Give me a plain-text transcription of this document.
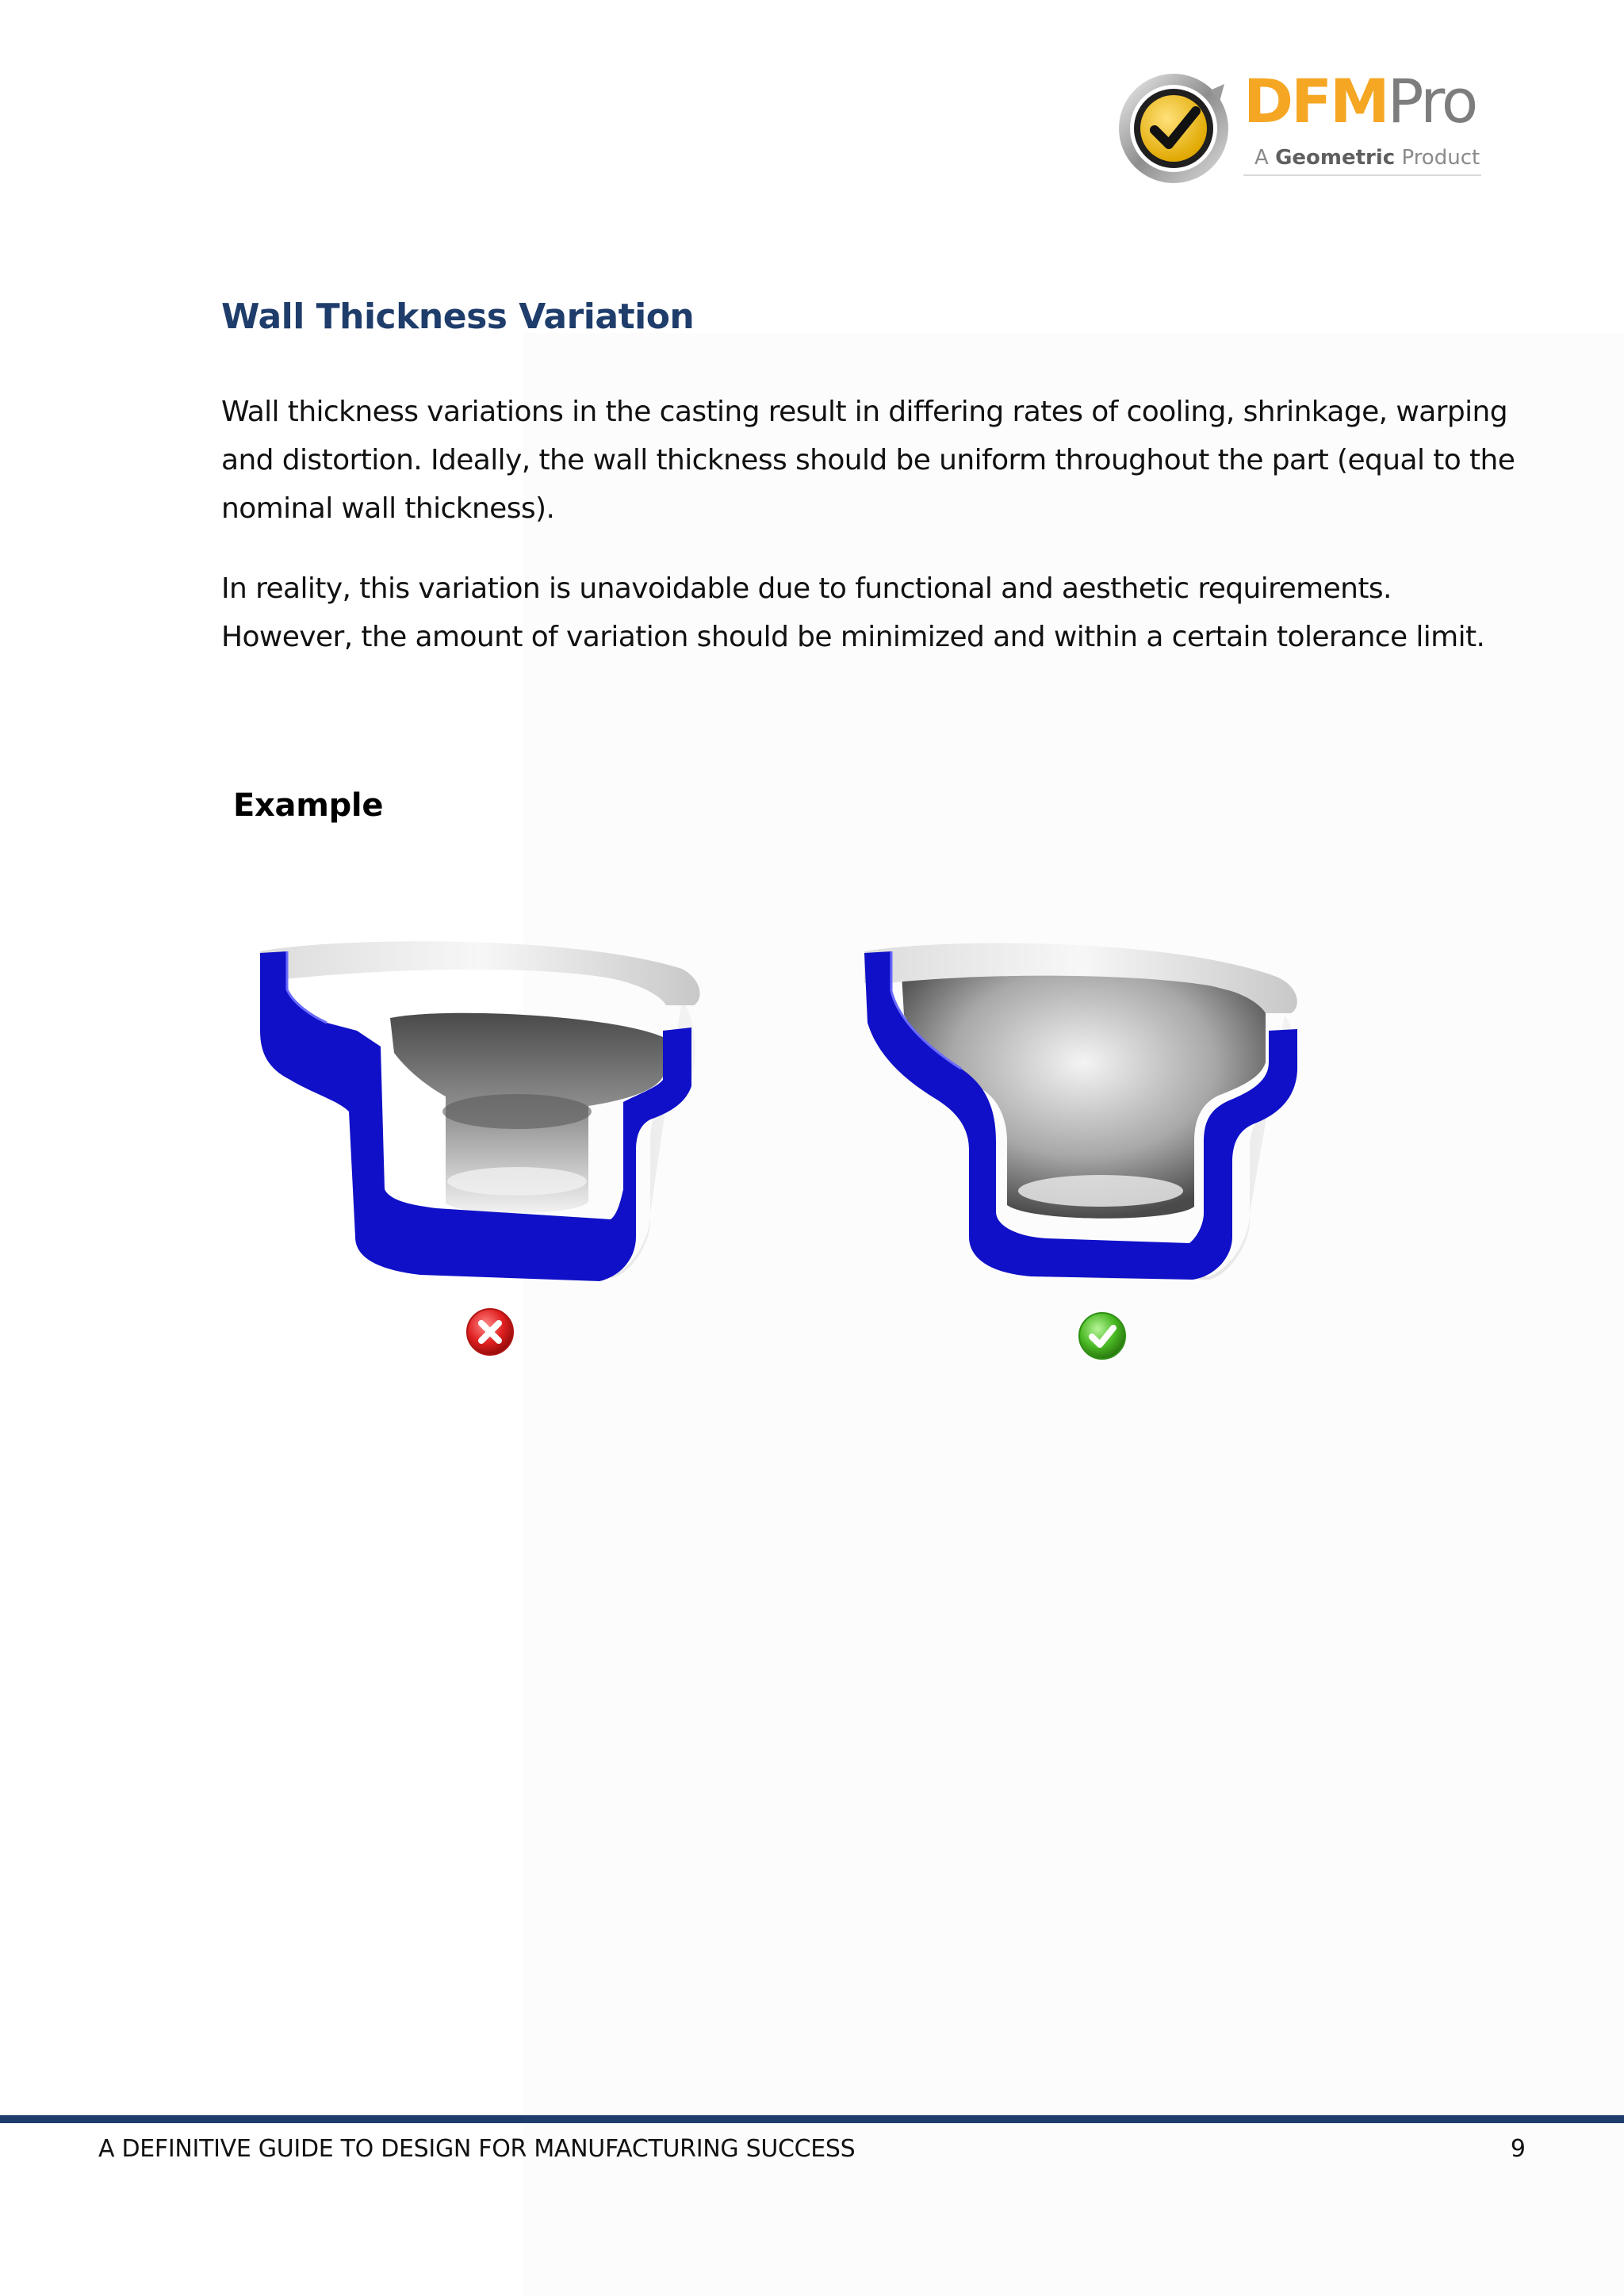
DFMPro
A Geometric Product
Wall Thickness Variation

Wall thickness variations in the casting result in differing rates of cooling, shrinkage, warping and distortion. Ideally, the wall thickness should be uniform throughout the part (equal to the nominal wall thickness).

In reality, this variation is unavoidable due to functional and aesthetic requirements. However, the amount of variation should be minimized and within a certain tolerance limit.

Example

A DEFINITIVE GUIDE TO DESIGN FOR MANUFACTURING SUCCESS	9
